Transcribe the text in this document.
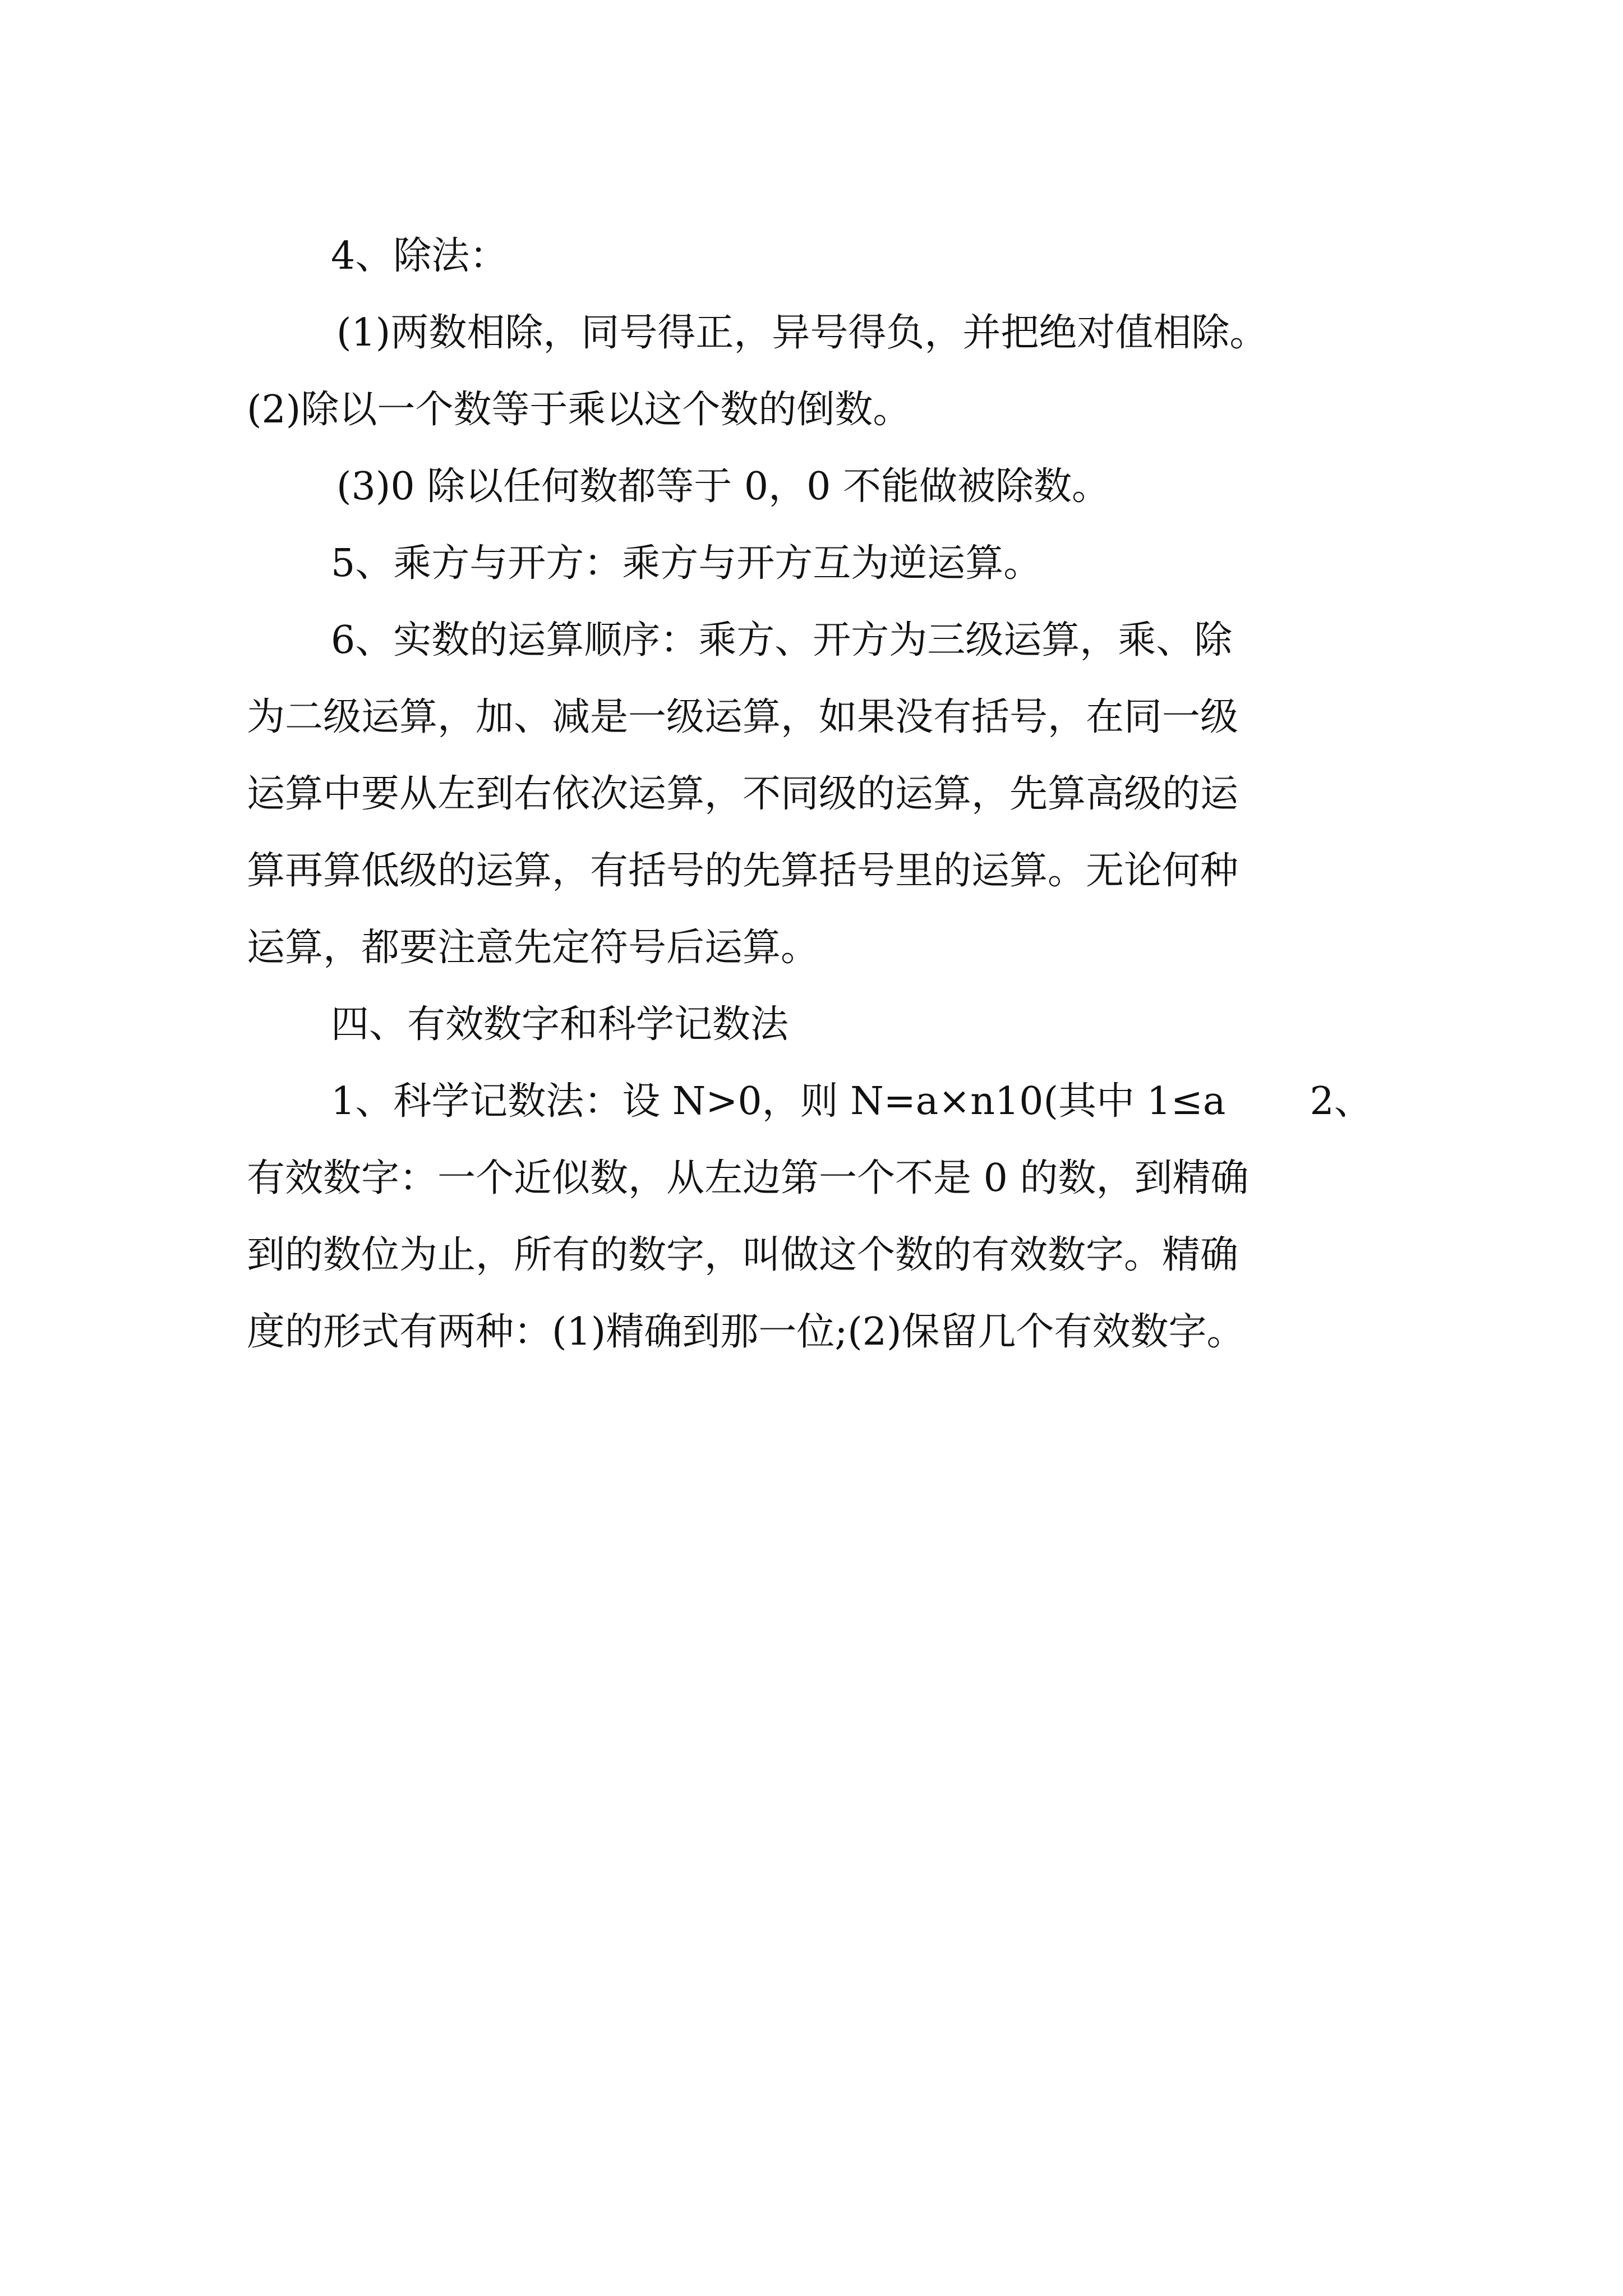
4、除法：
(1)两数相除，同号得正，异号得负，并把绝对值相除。
(2)除以一个数等于乘以这个数的倒数。
(3)0 除以任何数都等于 0，0 不能做被除数。
5、乘方与开方：乘方与开方互为逆运算。
6、实数的运算顺序：乘方、开方为三级运算，乘、除
为二级运算，加、减是一级运算，如果没有括号，在同一级
运算中要从左到右依次运算，不同级的运算，先算高级的运
算再算低级的运算，有括号的先算括号里的运算。无论何种
运算，都要注意先定符号后运算。
四、有效数字和科学记数法
1、科学记数法：设 N>0，则 N=a×n10(其中 1≤a 2、
有效数字：一个近似数，从左边第一个不是 0 的数，到精确
到的数位为止，所有的数字，叫做这个数的有效数字。精确
度的形式有两种：(1)精确到那一位;(2)保留几个有效数字。
